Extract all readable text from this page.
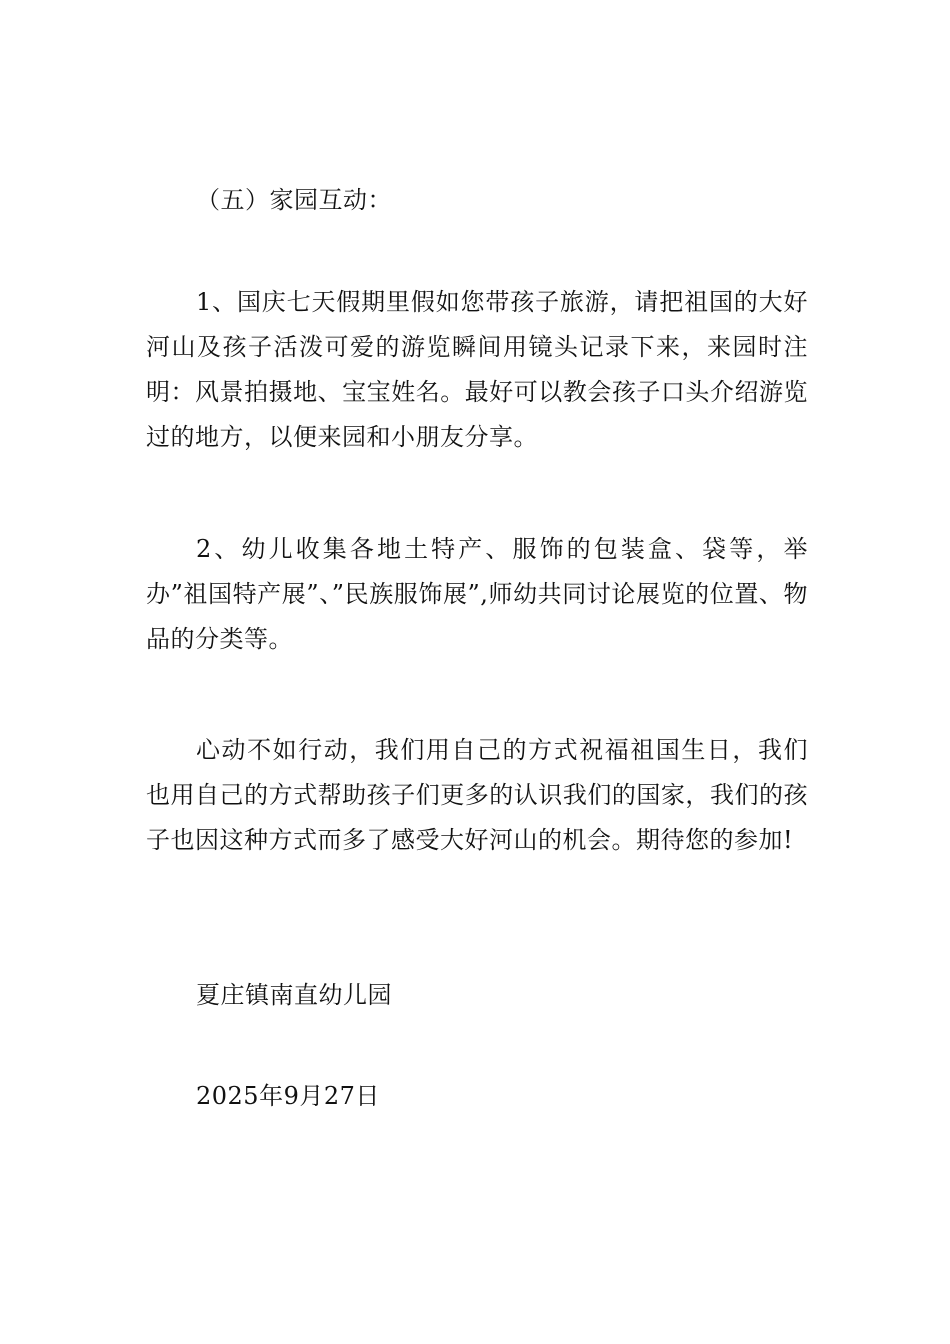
（五）家园互动：

1、国庆七天假期里假如您带孩子旅游，请把祖国的大好河山及孩子活泼可爱的游览瞬间用镜头记录下来，来园时注明：风景拍摄地、宝宝姓名。最好可以教会孩子口头介绍游览过的地方，以便来园和小朋友分享。

2、幼儿收集各地土特产、服饰的包装盒、袋等，举办”祖国特产展”、”民族服饰展”,师幼共同讨论展览的位置、物品的分类等。

心动不如行动，我们用自己的方式祝福祖国生日，我们也用自己的方式帮助孩子们更多的认识我们的国家，我们的孩子也因这种方式而多了感受大好河山的机会。期待您的参加!

夏庄镇南直幼儿园

2025年9月27日
